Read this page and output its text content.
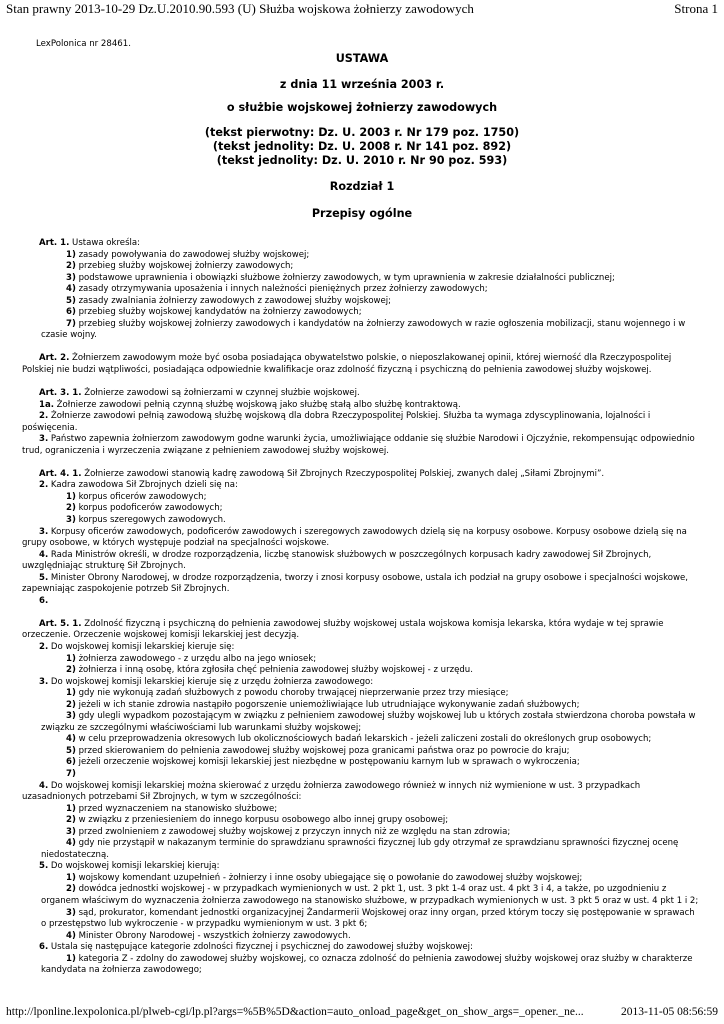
Stan prawny 2013-10-29 Dz.U.2010.90.593 (U) Służba wojskowa żołnierzy zawodowych	Strona 1
LexPolonica nr 28461.
USTAWA
z dnia 11 września 2003 r.
o służbie wojskowej żołnierzy zawodowych
(tekst pierwotny: Dz. U. 2003 r. Nr 179 poz. 1750)
(tekst jednolity: Dz. U. 2008 r. Nr 141 poz. 892)
(tekst jednolity: Dz. U. 2010 r. Nr 90 poz. 593)
Rozdział 1
Przepisy ogólne

Art. 1. Ustawa określa:

1) zasady powoływania do zawodowej służby wojskowej;

2) przebieg służby wojskowej żołnierzy zawodowych;

3) podstawowe uprawnienia i obowiązki służbowe żołnierzy zawodowych, w tym uprawnienia w zakresie działalności publicznej;

4) zasady otrzymywania uposażenia i innych należności pieniężnych przez żołnierzy zawodowych;

5) zasady zwalniania żołnierzy zawodowych z zawodowej służby wojskowej;

6) przebieg służby wojskowej kandydatów na żołnierzy zawodowych;

7) przebieg służby wojskowej żołnierzy zawodowych i kandydatów na żołnierzy zawodowych w razie ogłoszenia mobilizacji, stanu wojennego i w czasie wojny.

Art. 2. Żołnierzem zawodowym może być osoba posiadająca obywatelstwo polskie, o nieposzlakowanej opinii, której wierność dla Rzeczypospolitej Polskiej nie budzi wątpliwości, posiadająca odpowiednie kwalifikacje oraz zdolność fizyczną i psychiczną do pełnienia zawodowej służby wojskowej.

Art. 3. 1. Żołnierze zawodowi są żołnierzami w czynnej służbie wojskowej.

1a. Żołnierze zawodowi pełnią czynną służbę wojskową jako służbę stałą albo służbę kontraktową.

2. Żołnierze zawodowi pełnią zawodową służbę wojskową dla dobra Rzeczypospolitej Polskiej. Służba ta wymaga zdyscyplinowania, lojalności i poświęcenia.

3. Państwo zapewnia żołnierzom zawodowym godne warunki życia, umożliwiające oddanie się służbie Narodowi i Ojczyźnie, rekompensując odpowiednio trud, ograniczenia i wyrzeczenia związane z pełnieniem zawodowej służby wojskowej.

Art. 4. 1. Żołnierze zawodowi stanowią kadrę zawodową Sił Zbrojnych Rzeczypospolitej Polskiej, zwanych dalej „Siłami Zbrojnymi”.

2. Kadra zawodowa Sił Zbrojnych dzieli się na:

1) korpus oficerów zawodowych;

2) korpus podoficerów zawodowych;

3) korpus szeregowych zawodowych.

3. Korpusy oficerów zawodowych, podoficerów zawodowych i szeregowych zawodowych dzielą się na korpusy osobowe. Korpusy osobowe dzielą się na grupy osobowe, w których występuje podział na specjalności wojskowe.

4. Rada Ministrów określi, w drodze rozporządzenia, liczbę stanowisk służbowych w poszczególnych korpusach kadry zawodowej Sił Zbrojnych, uwzględniając strukturę Sił Zbrojnych.

5. Minister Obrony Narodowej, w drodze rozporządzenia, tworzy i znosi korpusy osobowe, ustala ich podział na grupy osobowe i specjalności wojskowe, zapewniając zaspokojenie potrzeb Sił Zbrojnych.

6.

Art. 5. 1. Zdolność fizyczną i psychiczną do pełnienia zawodowej służby wojskowej ustala wojskowa komisja lekarska, która wydaje w tej sprawie orzeczenie. Orzeczenie wojskowej komisji lekarskiej jest decyzją.

2. Do wojskowej komisji lekarskiej kieruje się:

1) żołnierza zawodowego - z urzędu albo na jego wniosek;

2) żołnierza i inną osobę, która zgłosiła chęć pełnienia zawodowej służby wojskowej - z urzędu.

3. Do wojskowej komisji lekarskiej kieruje się z urzędu żołnierza zawodowego:

1) gdy nie wykonują zadań służbowych z powodu choroby trwającej nieprzerwanie przez trzy miesiące;

2) jeżeli w ich stanie zdrowia nastąpiło pogorszenie uniemożliwiające lub utrudniające wykonywanie zadań służbowych;

3) gdy ulegli wypadkom pozostającym w związku z pełnieniem zawodowej służby wojskowej lub u których została stwierdzona choroba powstała w związku ze szczególnymi właściwościami lub warunkami służby wojskowej;

4) w celu przeprowadzenia okresowych lub okolicznościowych badań lekarskich - jeżeli zaliczeni zostali do określonych grup osobowych;

5) przed skierowaniem do pełnienia zawodowej służby wojskowej poza granicami państwa oraz po powrocie do kraju;

6) jeżeli orzeczenie wojskowej komisji lekarskiej jest niezbędne w postępowaniu karnym lub w sprawach o wykroczenia;

7)

4. Do wojskowej komisji lekarskiej można skierować z urzędu żołnierza zawodowego również w innych niż wymienione w ust. 3 przypadkach uzasadnionych potrzebami Sił Zbrojnych, w tym w szczególności:

1) przed wyznaczeniem na stanowisko służbowe;

2) w związku z przeniesieniem do innego korpusu osobowego albo innej grupy osobowej;

3) przed zwolnieniem z zawodowej służby wojskowej z przyczyn innych niż ze względu na stan zdrowia;

4) gdy nie przystąpił w nakazanym terminie do sprawdzianu sprawności fizycznej lub gdy otrzymał ze sprawdzianu sprawności fizycznej ocenę niedostateczną.

5. Do wojskowej komisji lekarskiej kierują:

1) wojskowy komendant uzupełnień - żołnierzy i inne osoby ubiegające się o powołanie do zawodowej służby wojskowej;

2) dowódca jednostki wojskowej - w przypadkach wymienionych w ust. 2 pkt 1, ust. 3 pkt 1-4 oraz ust. 4 pkt 3 i 4, a także, po uzgodnieniu z organem właściwym do wyznaczenia żołnierza zawodowego na stanowisko służbowe, w przypadkach wymienionych w ust. 3 pkt 5 oraz w ust. 4 pkt 1 i 2;

3) sąd, prokurator, komendant jednostki organizacyjnej Żandarmerii Wojskowej oraz inny organ, przed którym toczy się postępowanie w sprawach o przestępstwo lub wykroczenie - w przypadku wymienionym w ust. 3 pkt 6;

4) Minister Obrony Narodowej - wszystkich żołnierzy zawodowych.

6. Ustala się następujące kategorie zdolności fizycznej i psychicznej do zawodowej służby wojskowej:

1) kategoria Z - zdolny do zawodowej służby wojskowej, co oznacza zdolność do pełnienia zawodowej służby wojskowej oraz służby w charakterze kandydata na żołnierza zawodowego;

http://lponline.lexpolonica.pl/plweb-cgi/lp.pl?args=%5B%5D&action=auto_onload_page&get_on_show_args=_opener._ne...	2013-11-05 08:56:59
